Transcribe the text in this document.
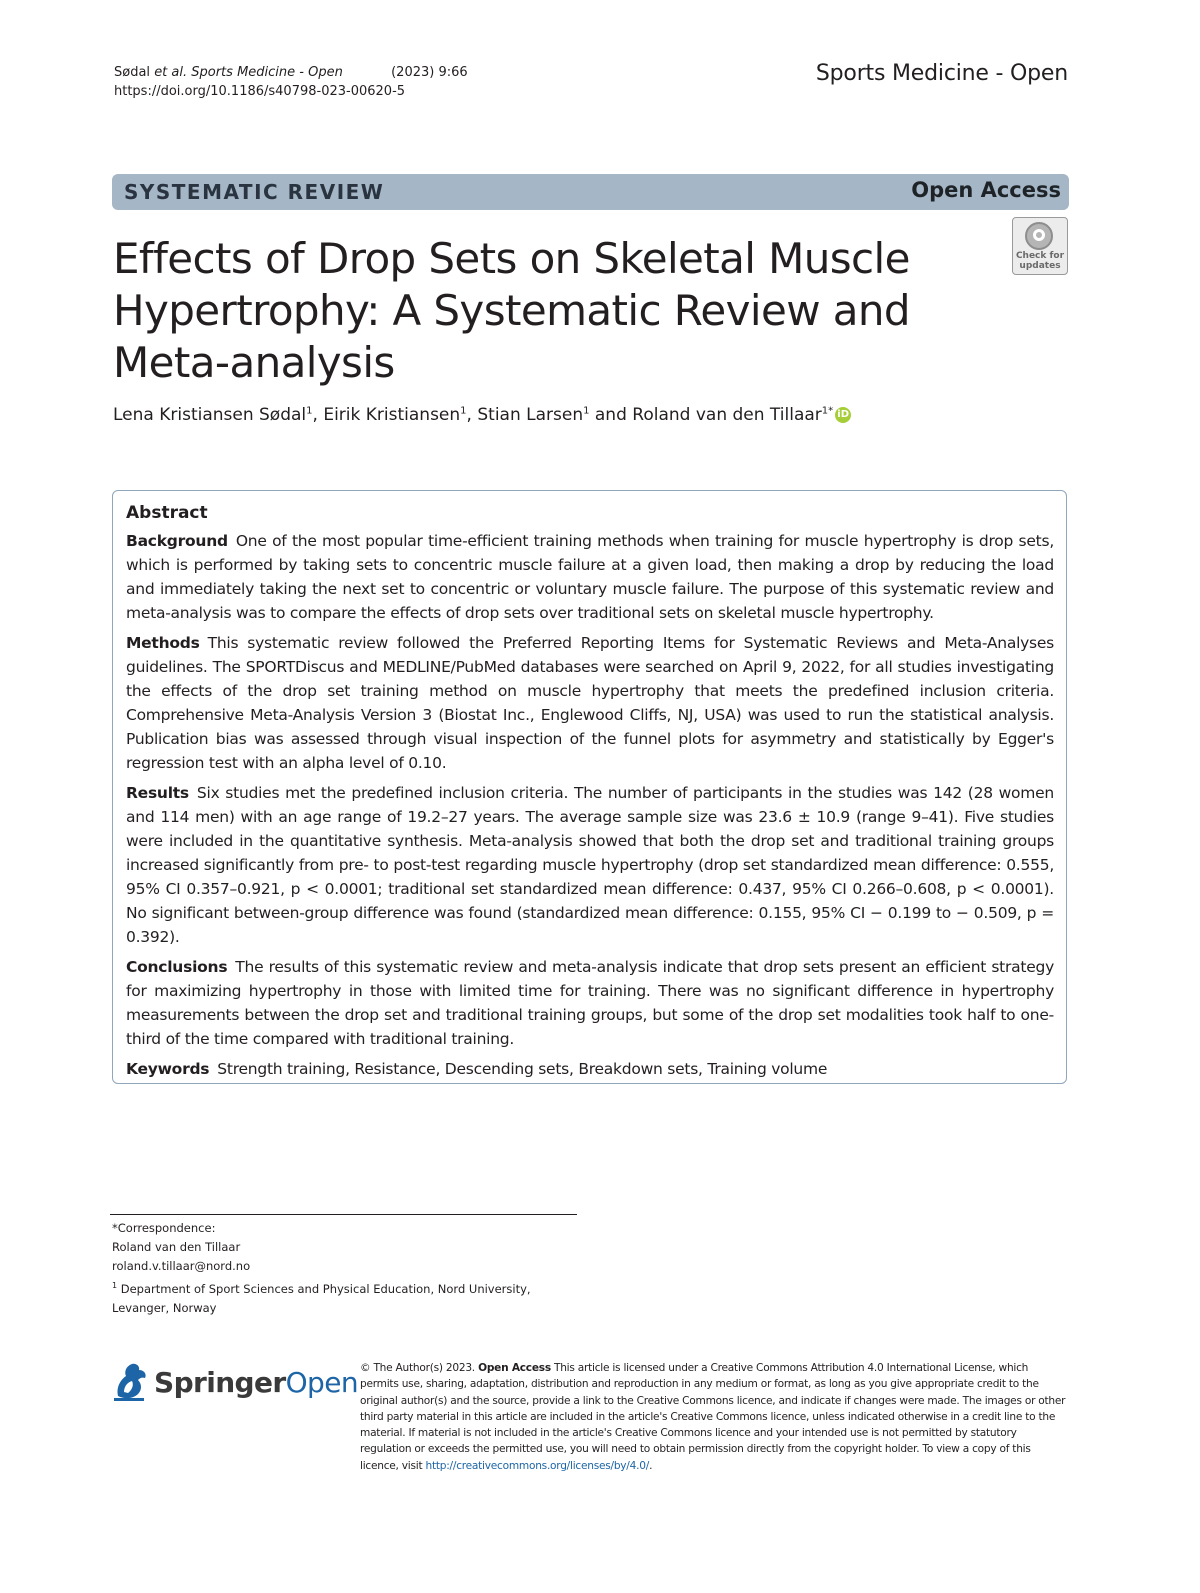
Sødal et al. Sports Medicine - Open	(2023) 9:66
https://doi.org/10.1186/s40798-023-00620-5
Sports Medicine - Open
SYSTEMATIC REVIEW	Open Access
Check for
updates
Effects of Drop Sets on Skeletal Muscle Hypertrophy: A Systematic Review and Meta-analysis
Lena Kristiansen Sødal$^1$, Eirik Kristiansen$^1$, Stian Larsen$^1$ and Roland van den Tillaar$^{1*}$ iD
Abstract

Background One of the most popular time-efficient training methods when training for muscle hypertrophy is drop sets, which is performed by taking sets to concentric muscle failure at a given load, then making a drop by reducing the load and immediately taking the next set to concentric or voluntary muscle failure. The purpose of this systematic review and meta-analysis was to compare the effects of drop sets over traditional sets on skeletal muscle hypertrophy.

Methods This systematic review followed the Preferred Reporting Items for Systematic Reviews and Meta-Analyses guidelines. The SPORTDiscus and MEDLINE/PubMed databases were searched on April 9, 2022, for all studies investigating the effects of the drop set training method on muscle hypertrophy that meets the predefined inclusion criteria. Comprehensive Meta-Analysis Version 3 (Biostat Inc., Englewood Cliffs, NJ, USA) was used to run the statistical analysis. Publication bias was assessed through visual inspection of the funnel plots for asymmetry and statistically by Egger's regression test with an alpha level of 0.10.

Results Six studies met the predefined inclusion criteria. The number of participants in the studies was 142 (28 women and 114 men) with an age range of 19.2–27 years. The average sample size was 23.6 ± 10.9 (range 9–41). Five studies were included in the quantitative synthesis. Meta-analysis showed that both the drop set and traditional training groups increased significantly from pre- to post-test regarding muscle hypertrophy (drop set standardized mean difference: 0.555, 95% CI 0.357–0.921, p < 0.0001; traditional set standardized mean difference: 0.437, 95% CI 0.266–0.608, p < 0.0001). No significant between-group difference was found (standardized mean difference: 0.155, 95% CI − 0.199 to − 0.509, p = 0.392).

Conclusions The results of this systematic review and meta-analysis indicate that drop sets present an efficient strategy for maximizing hypertrophy in those with limited time for training. There was no significant difference in hypertrophy measurements between the drop set and traditional training groups, but some of the drop set modalities took half to one-third of the time compared with traditional training.

Keywords Strength training, Resistance, Descending sets, Breakdown sets, Training volume

*Correspondence:
Roland van den Tillaar
roland.v.tillaar@nord.no
$^1$ Department of Sport Sciences and Physical Education, Nord University,
Levanger, Norway
SpringerOpen © The Author(s) 2023. Open Access This article is licensed under a Creative Commons Attribution 4.0 International License, which permits use, sharing, adaptation, distribution and reproduction in any medium or format, as long as you give appropriate credit to the original author(s) and the source, provide a link to the Creative Commons licence, and indicate if changes were made. The images or other third party material in this article are included in the article's Creative Commons licence, unless indicated otherwise in a credit line to the material. If material is not included in the article's Creative Commons licence and your intended use is not permitted by statutory regulation or exceeds the permitted use, you will need to obtain permission directly from the copyright holder. To view a copy of this licence, visit http://creativecommons.org/licenses/by/4.0/.
